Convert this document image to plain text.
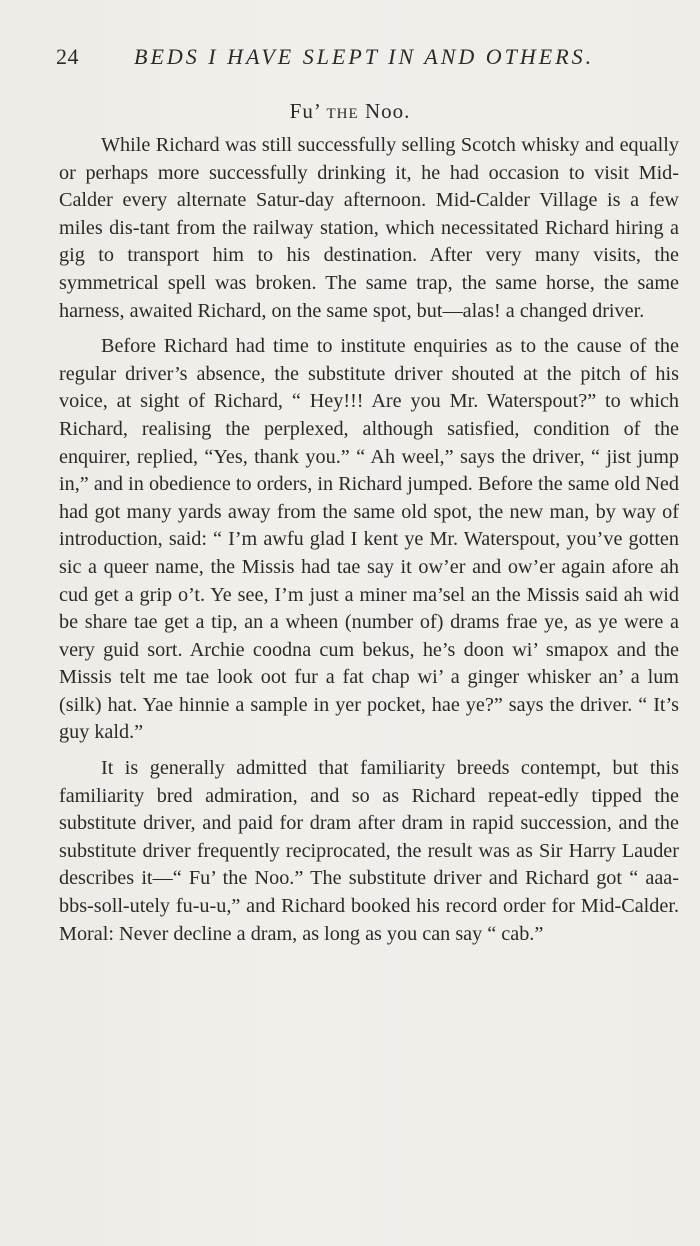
24	BEDS I HAVE SLEPT IN AND OTHERS.
Fu’ THE Noo.

While Richard was still successfully selling Scotch whisky and equally or perhaps more successfully drinking it, he had occasion to visit Mid-Calder every alternate Satur-day afternoon. Mid-Calder Village is a few miles dis-tant from the railway station, which necessitated Richard hiring a gig to transport him to his destination. After very many visits, the symmetrical spell was broken. The same trap, the same horse, the same harness, awaited Richard, on the same spot, but—alas! a changed driver.

Before Richard had time to institute enquiries as to the cause of the regular driver’s absence, the substitute driver shouted at the pitch of his voice, at sight of Richard, “ Hey!!! Are you Mr. Waterspout?” to which Richard, realising the perplexed, although satisfied, condition of the enquirer, replied, “Yes, thank you.” “ Ah weel,” says the driver, “ jist jump in,” and in obedience to orders, in Richard jumped. Before the same old Ned had got many yards away from the same old spot, the new man, by way of introduction, said: “ I’m awfu glad I kent ye Mr. Waterspout, you’ve gotten sic a queer name, the Missis had tae say it ow’er and ow’er again afore ah cud get a grip o’t. Ye see, I’m just a miner ma’sel an the Missis said ah wid be share tae get a tip, an a wheen (number of) drams frae ye, as ye were a very guid sort. Archie coodna cum bekus, he’s doon wi’ smapox and the Missis telt me tae look oot fur a fat chap wi’ a ginger whisker an’ a lum (silk) hat. Yae hinnie a sample in yer pocket, hae ye?” says the driver. “ It’s guy kald.”

It is generally admitted that familiarity breeds contempt, but this familiarity bred admiration, and so as Richard repeat-edly tipped the substitute driver, and paid for dram after dram in rapid succession, and the substitute driver frequently reciprocated, the result was as Sir Harry Lauder describes it—“ Fu’ the Noo.” The substitute driver and Richard got “ aaa-bbs-soll-utely fu-u-u,” and Richard booked his record order for Mid-Calder. Moral: Never decline a dram, as long as you can say “ cab.”
